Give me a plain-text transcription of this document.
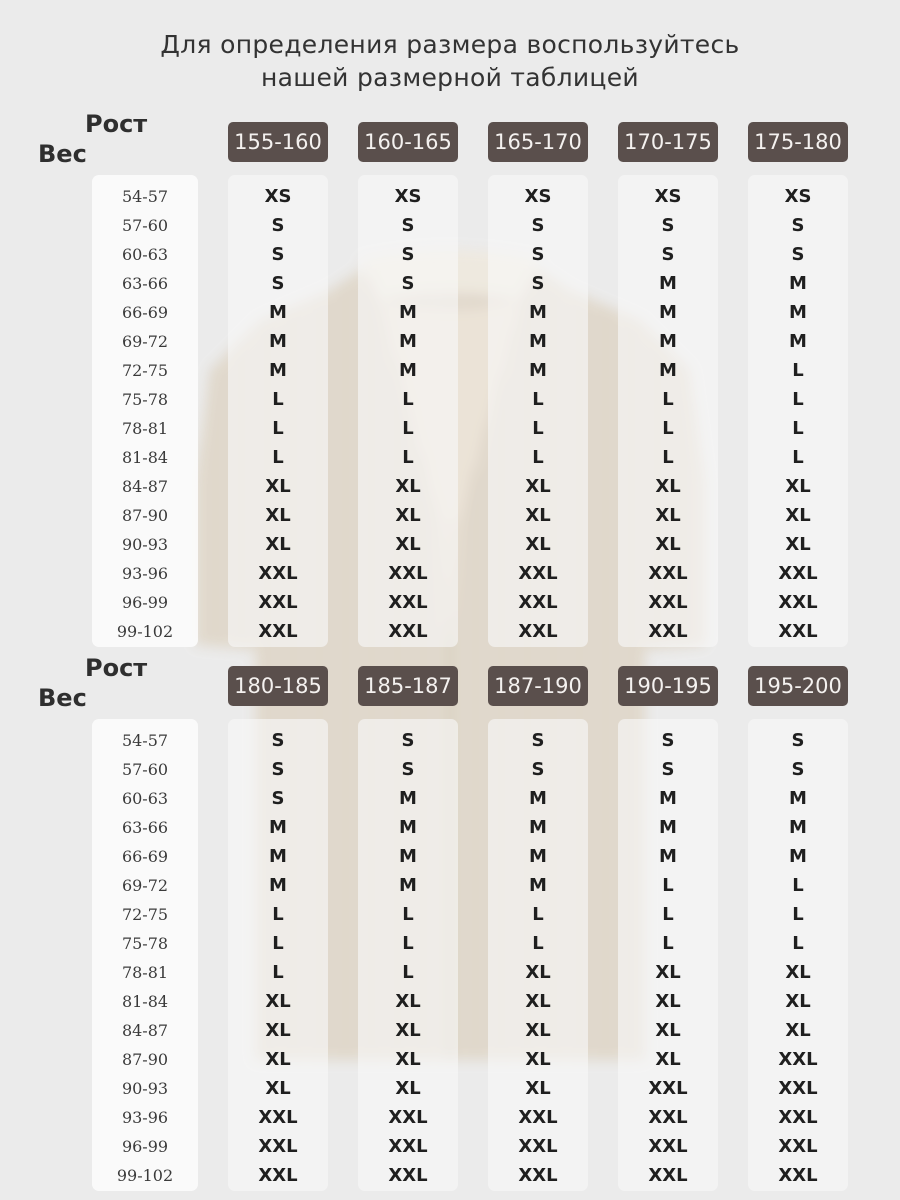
Для определения размера воспользуйтесь
нашей размерной таблицей
Рост
Вес
54-57
57-60
60-63
63-66
66-69
69-72
72-75
75-78
78-81
81-84
84-87
87-90
90-93
93-96
96-99
99-102
155-160
XS
S
S
S
M
M
M
L
L
L
XL
XL
XL
XXL
XXL
XXL
160-165
XS
S
S
S
M
M
M
L
L
L
XL
XL
XL
XXL
XXL
XXL
165-170
XS
S
S
S
M
M
M
L
L
L
XL
XL
XL
XXL
XXL
XXL
170-175
XS
S
S
M
M
M
M
L
L
L
XL
XL
XL
XXL
XXL
XXL
175-180
XS
S
S
M
M
M
L
L
L
L
XL
XL
XL
XXL
XXL
XXL
Рост
Вес
54-57
57-60
60-63
63-66
66-69
69-72
72-75
75-78
78-81
81-84
84-87
87-90
90-93
93-96
96-99
99-102
180-185
S
S
S
M
M
M
L
L
L
XL
XL
XL
XL
XXL
XXL
XXL
185-187
S
S
M
M
M
M
L
L
L
XL
XL
XL
XL
XXL
XXL
XXL
187-190
S
S
M
M
M
M
L
L
XL
XL
XL
XL
XL
XXL
XXL
XXL
190-195
S
S
M
M
M
L
L
L
XL
XL
XL
XL
XXL
XXL
XXL
XXL
195-200
S
S
M
M
M
L
L
L
XL
XL
XL
XXL
XXL
XXL
XXL
XXL
